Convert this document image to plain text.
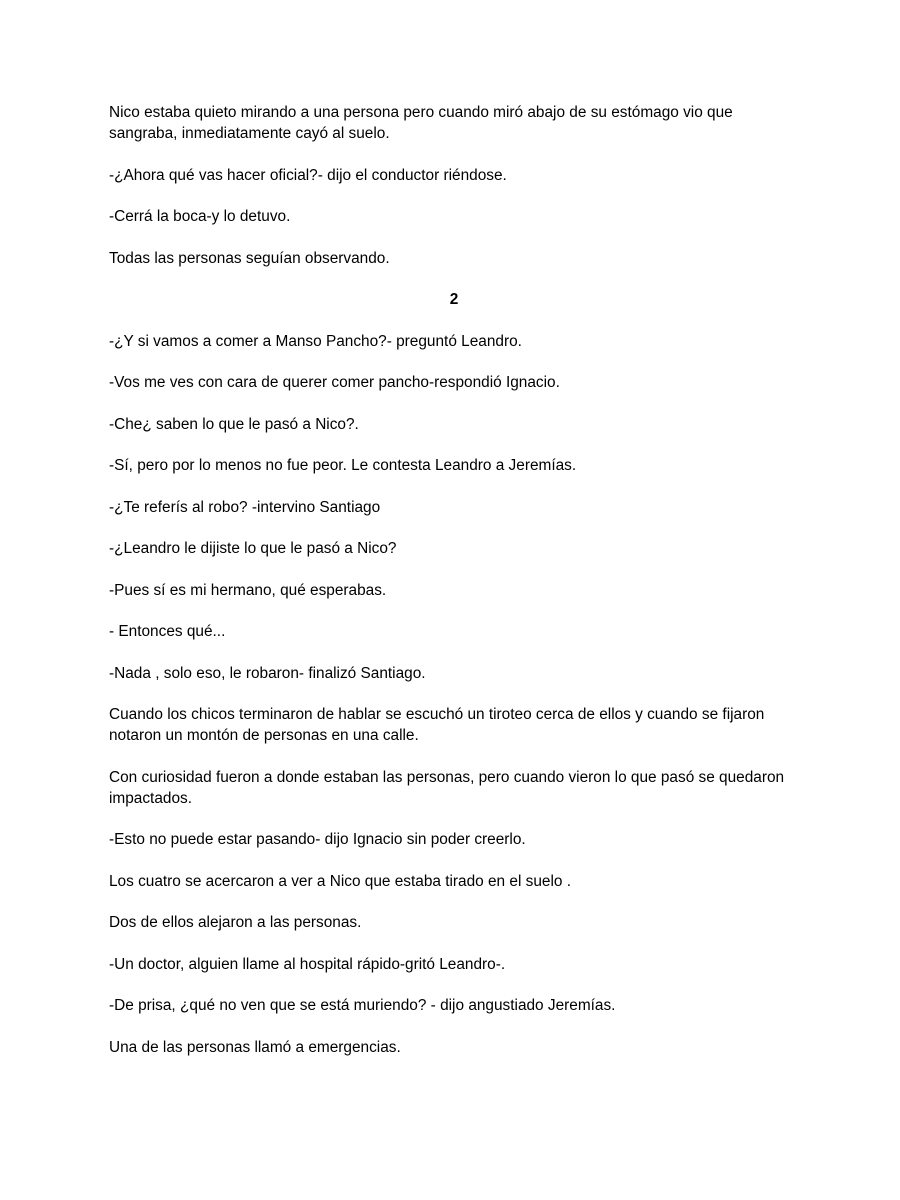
Nico estaba quieto mirando a una persona pero cuando miró abajo de su estómago vio que sangraba, inmediatamente cayó al suelo.

-¿Ahora qué vas hacer oficial?- dijo el conductor riéndose.

-Cerrá la boca-y lo detuvo.

Todas las personas seguían observando.

2

-¿Y si vamos a comer a Manso Pancho?- preguntó Leandro.

-Vos me ves con cara de querer comer pancho-respondió Ignacio.

-Che¿ saben lo que le pasó a Nico?.

-Sí, pero por lo menos no fue peor. Le contesta Leandro a Jeremías.

-¿Te referís al robo? -intervino Santiago

-¿Leandro le dijiste lo que le pasó a Nico?

-Pues sí es mi hermano, qué esperabas.

- Entonces qué...

-Nada , solo eso, le robaron- finalizó Santiago.

Cuando los chicos terminaron de hablar se escuchó un tiroteo cerca de ellos y cuando se fijaron notaron un montón de personas en una calle.

Con curiosidad fueron a donde estaban las personas, pero cuando vieron lo que pasó se quedaron impactados.

-Esto no puede estar pasando- dijo Ignacio sin poder creerlo.

Los cuatro se acercaron a ver a Nico que estaba tirado en el suelo .

Dos de ellos alejaron a las personas.

-Un doctor, alguien llame al hospital rápido-gritó Leandro-.

-De prisa, ¿qué no ven que se está muriendo? - dijo angustiado Jeremías.

Una de las personas llamó a emergencias.
